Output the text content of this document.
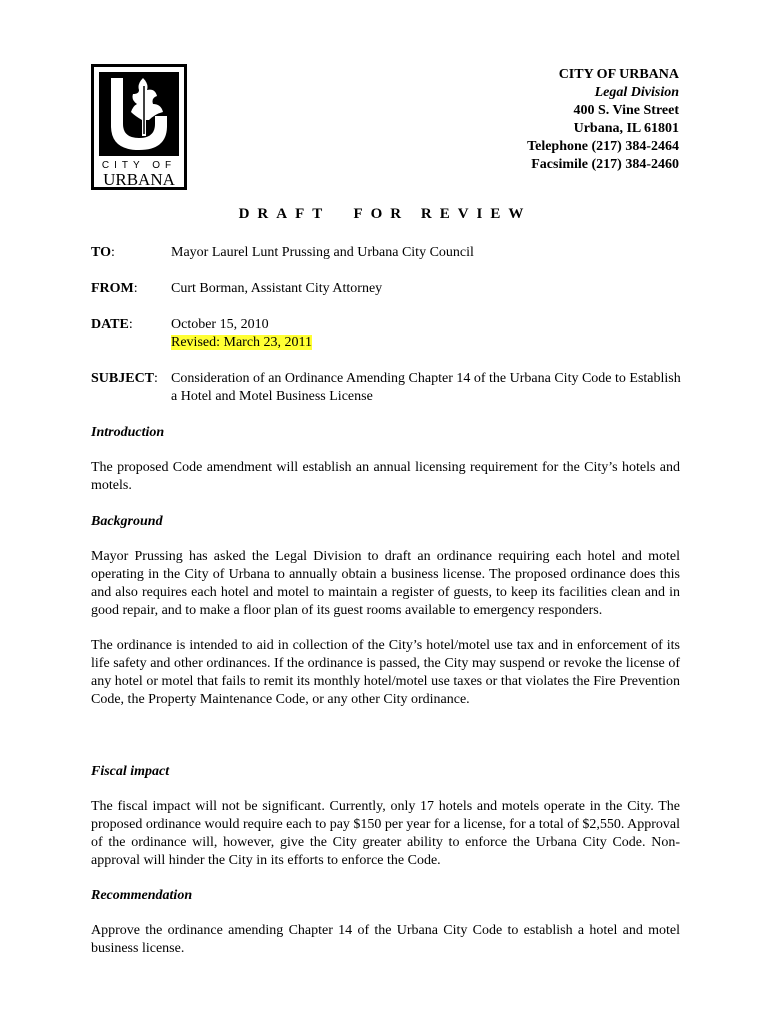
CITY OF
URBANA
CITY OF URBANA
Legal Division
400 S. Vine Street
Urbana, IL 61801
Telephone (217) 384-2464
Facsimile (217) 384-2460
DRAFT  FOR REVIEW
TO:	Mayor Laurel Lunt Prussing and Urbana City Council
FROM:	Curt Borman, Assistant City Attorney
DATE:	October 15, 2010
Revised: March 23, 2011
SUBJECT: Consideration of an Ordinance Amending Chapter 14 of the Urbana City Code to Establish a Hotel and Motel Business License
Introduction

The proposed Code amendment will establish an annual licensing requirement for the City’s hotels and motels.

Background

Mayor Prussing has asked the Legal Division to draft an ordinance requiring each hotel and motel operating in the City of Urbana to annually obtain a business license. The proposed ordinance does this and also requires each hotel and motel to maintain a register of guests, to keep its facilities clean and in good repair, and to make a floor plan of its guest rooms available to emergency responders.

The ordinance is intended to aid in collection of the City’s hotel/motel use tax and in enforcement of its life safety and other ordinances. If the ordinance is passed, the City may suspend or revoke the license of any hotel or motel that fails to remit its monthly hotel/motel use taxes or that violates the Fire Prevention Code, the Property Maintenance Code, or any other City ordinance.

Fiscal impact

The fiscal impact will not be significant. Currently, only 17 hotels and motels operate in the City. The proposed ordinance would require each to pay $150 per year for a license, for a total of $2,550. Approval of the ordinance will, however, give the City greater ability to enforce the Urbana City Code. Non-approval will hinder the City in its efforts to enforce the Code.

Recommendation

Approve the ordinance amending Chapter 14 of the Urbana City Code to establish a hotel and motel business license.
